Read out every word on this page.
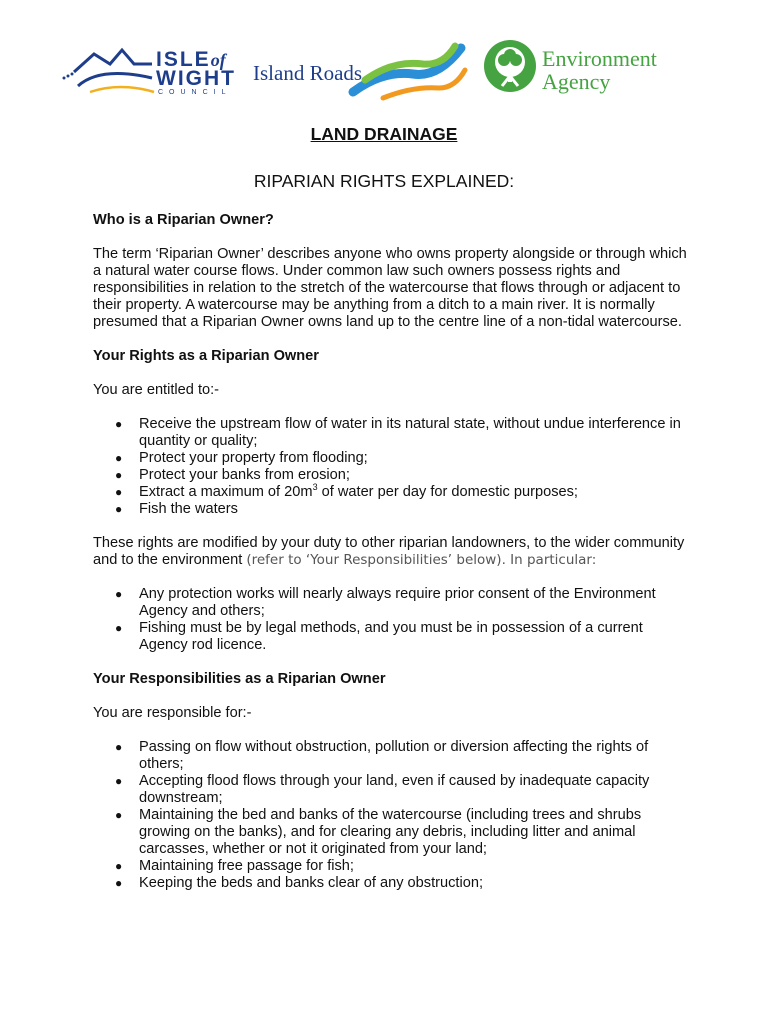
ISLEof
WIGHT
COUNCIL
Island Roads
Environment
Agency
LAND DRAINAGE
RIPARIAN RIGHTS EXPLAINED:
Who is a Riparian Owner?

The term ‘Riparian Owner’ describes anyone who owns property alongside or through which a natural water course flows. Under common law such owners possess rights and responsibilities in relation to the stretch of the watercourse that flows through or adjacent to their property. A watercourse may be anything from a ditch to a main river. It is normally presumed that a Riparian Owner owns land up to the centre line of a non-tidal watercourse.

Your Rights as a Riparian Owner

You are entitled to:-

● Receive the upstream flow of water in its natural state, without undue interference in quantity or quality;
● Protect your property from flooding;
● Protect your banks from erosion;
● Extract a maximum of $20m^3$ of water per day for domestic purposes;
● Fish the waters

These rights are modified by your duty to other riparian landowners, to the wider community and to the environment (refer to ‘Your Responsibilities’ below). In particular:

● Any protection works will nearly always require prior consent of the Environment Agency and others;
● Fishing must be by legal methods, and you must be in possession of a current Agency rod licence.
Your Responsibilities as a Riparian Owner

You are responsible for:-

● Passing on flow without obstruction, pollution or diversion affecting the rights of others;
● Accepting flood flows through your land, even if caused by inadequate capacity downstream;
● Maintaining the bed and banks of the watercourse (including trees and shrubs growing on the banks), and for clearing any debris, including litter and animal carcasses, whether or not it originated from your land;
● Maintaining free passage for fish;
● Keeping the beds and banks clear of any obstruction;
